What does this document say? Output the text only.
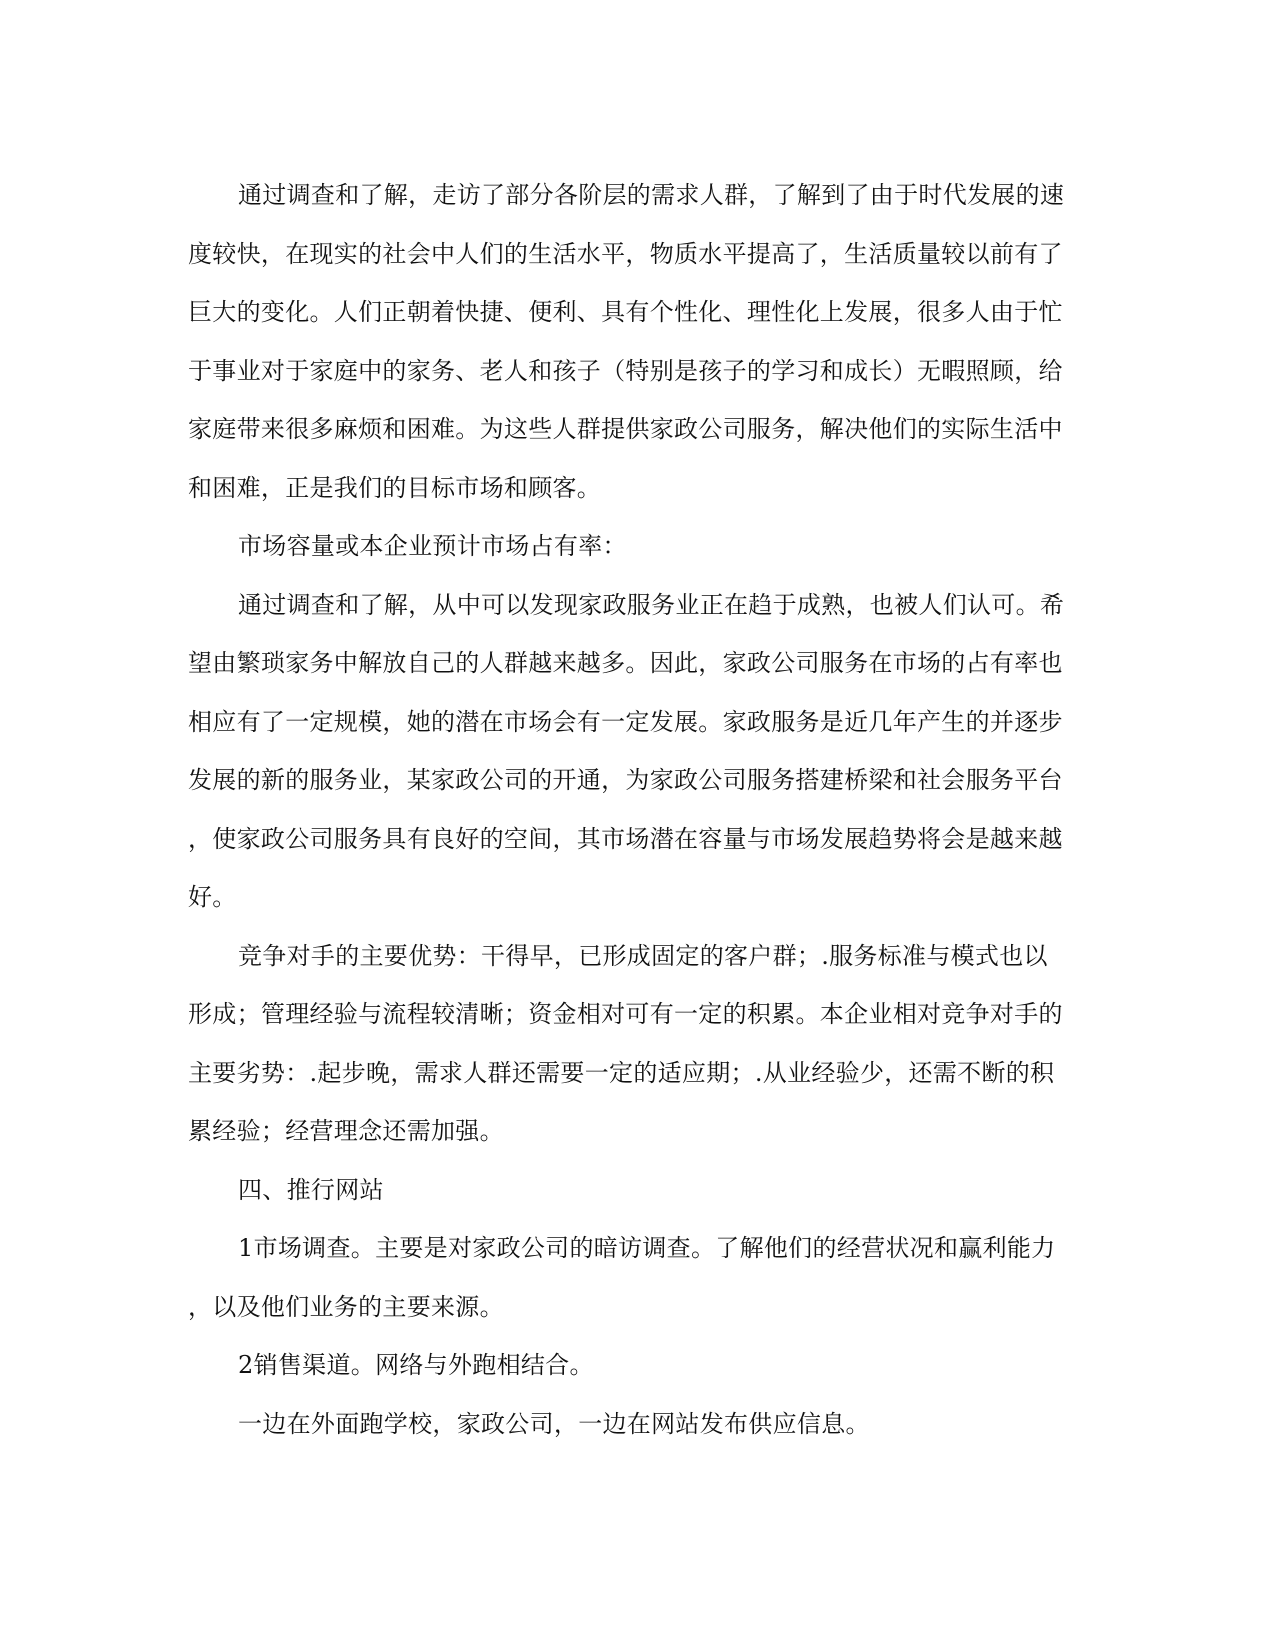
通过调查和了解，走访了部分各阶层的需求人群，了解到了由于时代发展的速
度较快，在现实的社会中人们的生活水平，物质水平提高了，生活质量较以前有了
巨大的变化。人们正朝着快捷、便利、具有个性化、理性化上发展，很多人由于忙
于事业对于家庭中的家务、老人和孩子（特别是孩子的学习和成长）无暇照顾，给
家庭带来很多麻烦和困难。为这些人群提供家政公司服务，解决他们的实际生活中
和困难，正是我们的目标市场和顾客。
市场容量或本企业预计市场占有率：
通过调查和了解，从中可以发现家政服务业正在趋于成熟，也被人们认可。希
望由繁琐家务中解放自己的人群越来越多。因此，家政公司服务在市场的占有率也
相应有了一定规模，她的潜在市场会有一定发展。家政服务是近几年产生的并逐步
发展的新的服务业，某家政公司的开通，为家政公司服务搭建桥梁和社会服务平台
，使家政公司服务具有良好的空间，其市场潜在容量与市场发展趋势将会是越来越
好。
竞争对手的主要优势：干得早，已形成固定的客户群；.服务标准与模式也以
形成；管理经验与流程较清晰；资金相对可有一定的积累。本企业相对竞争对手的
主要劣势：.起步晚，需求人群还需要一定的适应期；.从业经验少，还需不断的积
累经验；经营理念还需加强。
四、推行网站
1市场调查。主要是对家政公司的暗访调查。了解他们的经营状况和赢利能力
，以及他们业务的主要来源。
2销售渠道。网络与外跑相结合。
一边在外面跑学校，家政公司，一边在网站发布供应信息。
